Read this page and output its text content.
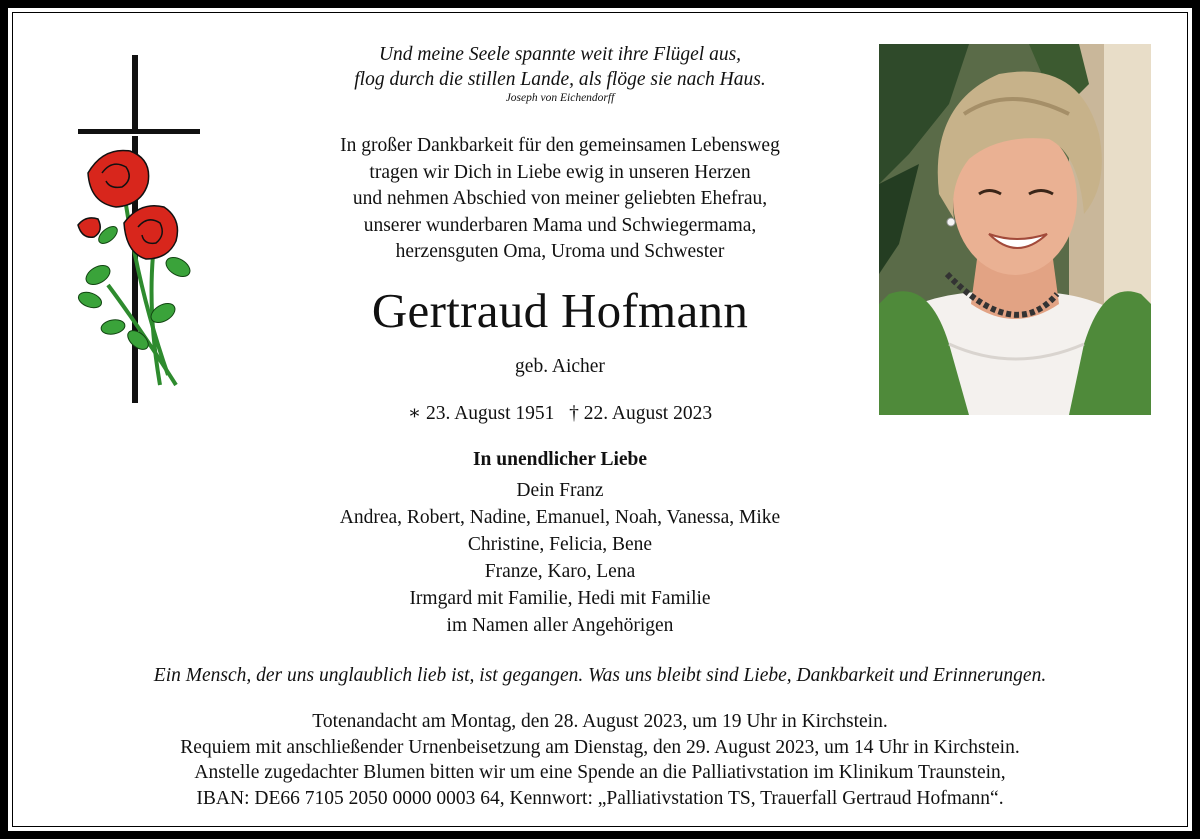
Und meine Seele spannte weit ihre Flügel aus,

flog durch die stillen Lande, als flöge sie nach Haus.

Joseph von Eichendorff

In großer Dankbarkeit für den gemeinsamen Lebensweg

tragen wir Dich in Liebe ewig in unseren Herzen

und nehmen Abschied von meiner geliebten Ehefrau,

unserer wunderbaren Mama und Schwiegermama,

herzensguten Oma, Uroma und Schwester

Gertraud Hofmann
geb. Aicher
∗ 23. August 1951 † 22. August 2023
In unendlicher Liebe

Dein Franz

Andrea, Robert, Nadine, Emanuel, Noah, Vanessa, Mike

Christine, Felicia, Bene

Franze, Karo, Lena

Irmgard mit Familie, Hedi mit Familie

im Namen aller Angehörigen

Ein Mensch, der uns unglaublich lieb ist, ist gegangen. Was uns bleibt sind Liebe, Dankbarkeit und Erinnerungen.

Totenandacht am Montag, den 28. August 2023, um 19 Uhr in Kirchstein.

Requiem mit anschließender Urnenbeisetzung am Dienstag, den 29. August 2023, um 14 Uhr in Kirchstein.

Anstelle zugedachter Blumen bitten wir um eine Spende an die Palliativstation im Klinikum Traunstein,

IBAN: DE66 7105 2050 0000 0003 64, Kennwort: „Palliativstation TS, Trauerfall Gertraud Hofmann“.
